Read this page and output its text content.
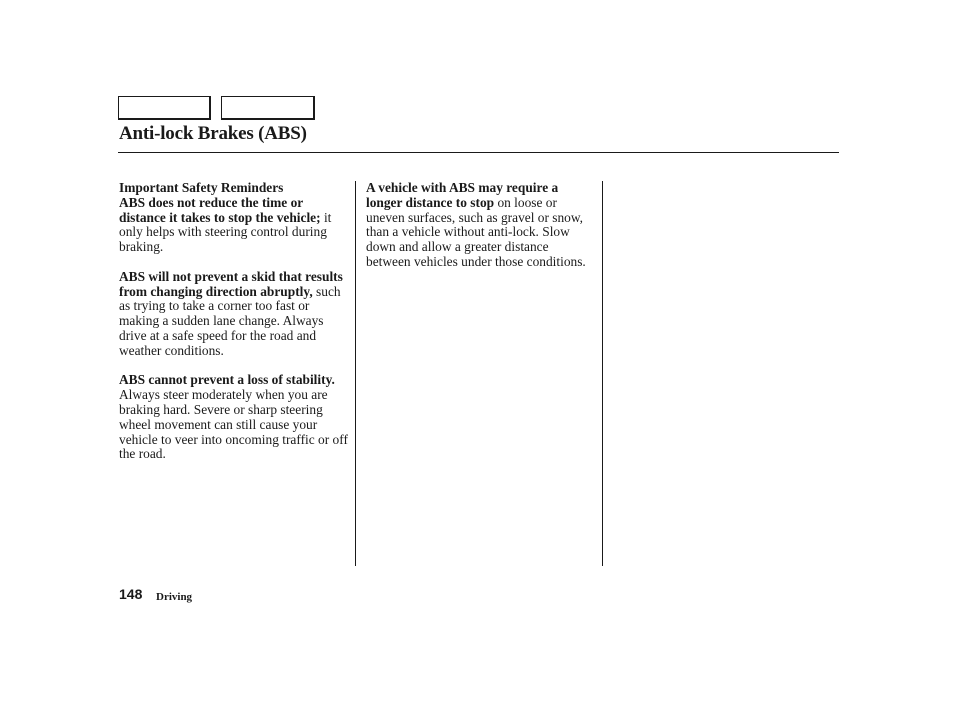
Anti-lock Brakes (ABS)

Important Safety Reminders
ABS does not reduce the time or distance it takes to stop the vehicle; it only helps with steering control during braking.

ABS will not prevent a skid that results from changing direction abruptly, such as trying to take a corner too fast or making a sudden lane change. Always drive at a safe speed for the road and weather conditions.

ABS cannot prevent a loss of stability. Always steer moderately when you are braking hard. Severe or sharp steering wheel movement can still cause your vehicle to veer into oncoming traffic or off the road.

A vehicle with ABS may require a longer distance to stop on loose or uneven surfaces, such as gravel or snow, than a vehicle without anti-lock. Slow down and allow a greater distance between vehicles under those conditions.

148 Driving
